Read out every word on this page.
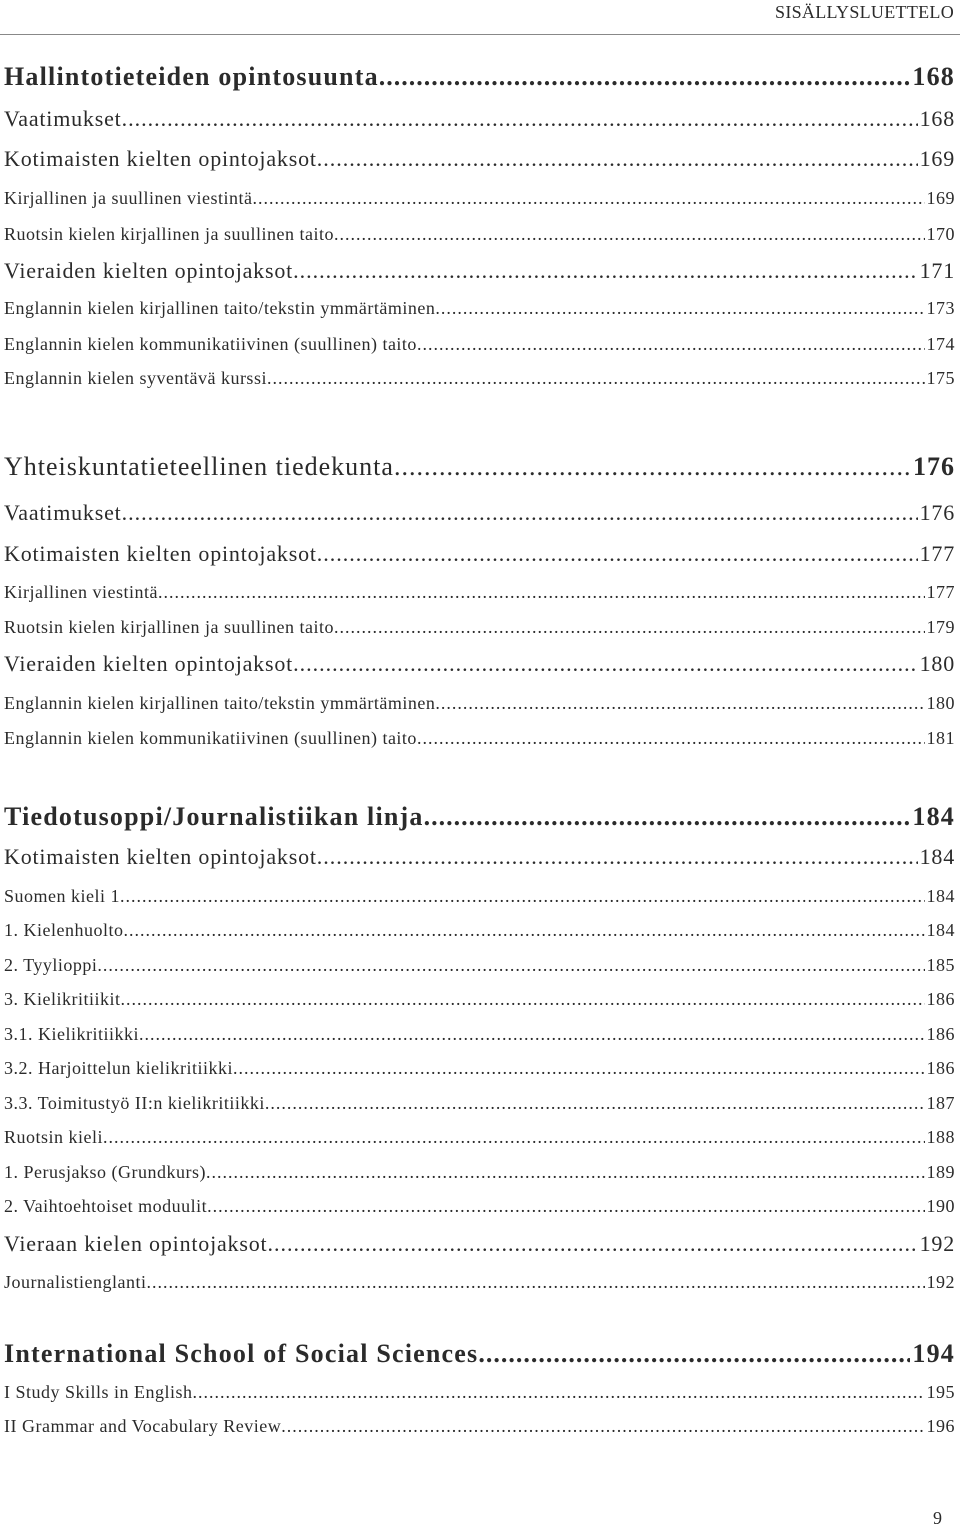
SISÄLLYSLUETTELO
Hallintotieteiden opintosuunta .....	168
Vaatimukset .....	168
Kotimaisten kielten opintojaksot .....	169
Kirjallinen ja suullinen viestintä .....	169
Ruotsin kielen kirjallinen ja suullinen taito .....	170
Vieraiden kielten opintojaksot .....	171
Englannin kielen kirjallinen taito/tekstin ymmärtäminen .....	173
Englannin kielen kommunikatiivinen (suullinen) taito .....	174
Englannin kielen syventävä kurssi .....	175
Yhteiskuntatieteellinen tiedekunta .....	176
Vaatimukset .....	176
Kotimaisten kielten opintojaksot .....	177
Kirjallinen viestintä .....	177
Ruotsin kielen kirjallinen ja suullinen taito .....	179
Vieraiden kielten opintojaksot .....	180
Englannin kielen kirjallinen taito/tekstin ymmärtäminen .....	180
Englannin kielen kommunikatiivinen (suullinen) taito .....	181
Tiedotusoppi/Journalistiikan linja .....	184
Kotimaisten kielten opintojaksot .....	184
Suomen kieli 1 .....	184
1. Kielenhuolto .....	184
2. Tyylioppi .....	185
3. Kielikritiikit .....	186
3.1. Kielikritiikki .....	186
3.2. Harjoittelun kielikritiikki .....	186
3.3. Toimitustyö II:n kielikritiikki .....	187
Ruotsin kieli .....	188
1. Perusjakso (Grundkurs) .....	189
2. Vaihtoehtoiset moduulit .....	190
Vieraan kielen opintojaksot .....	192
Journalistienglanti .....	192
International School of Social Sciences .....	194
I Study Skills in English .....	195
II Grammar and Vocabulary Review .....	196
9
